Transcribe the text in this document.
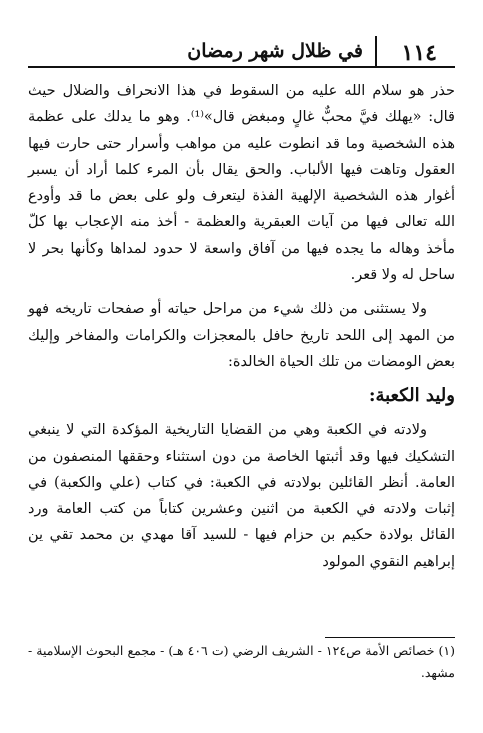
١١٤
في ظلال شهر رمضان

حذر هو سلام الله عليه من السقوط في هذا الانحراف والضلال حيث قال: «يهلك فيَّ محبٌّ غالٍ ومبغض قال»⁽¹⁾. وهو ما يدلك على عظمة هذه الشخصية وما قد انطوت عليه من مواهب وأسرار حتى حارت فيها العقول وتاهت فيها الألباب. والحق يقال بأن المرء كلما أراد أن يسبر أغوار هذه الشخصية الإلهية الفذة ليتعرف ولو على بعض ما قد وأودع الله تعالى فيها من آيات العبقرية والعظمة - أخذ منه الإعجاب بها كلّ مأخذ وهاله ما يجده فيها من آفاق واسعة لا حدود لمداها وكأنها بحر لا ساحل له ولا قعر.

ولا يستثنى من ذلك شيء من مراحل حياته أو صفحات تاريخه فهو من المهد إلى اللحد تاريخ حافل بالمعجزات والكرامات والمفاخر وإليك بعض الومضات من تلك الحياة الخالدة:

وليد الكعبة:

ولادته في الكعبة وهي من القضايا التاريخية المؤكدة التي لا ينبغي التشكيك فيها وقد أثبتها الخاصة من دون استثناء وحققها المنصفون من العامة. أنظر القائلين بولادته في الكعبة: في كتاب (علي والكعبة) في إثبات ولادته في الكعبة من اثنين وعشرين كتاباً من كتب العامة ورد القائل بولادة حكيم بن حزام فيها - للسيد آقا مهدي بن محمد تقي ين إبراهيم النقوي المولود

(١) خصائص الأمة ص١٢٤ - الشريف الرضي (ت ٤٠٦ هـ) - مجمع البحوث الإسلامية - مشهد.
